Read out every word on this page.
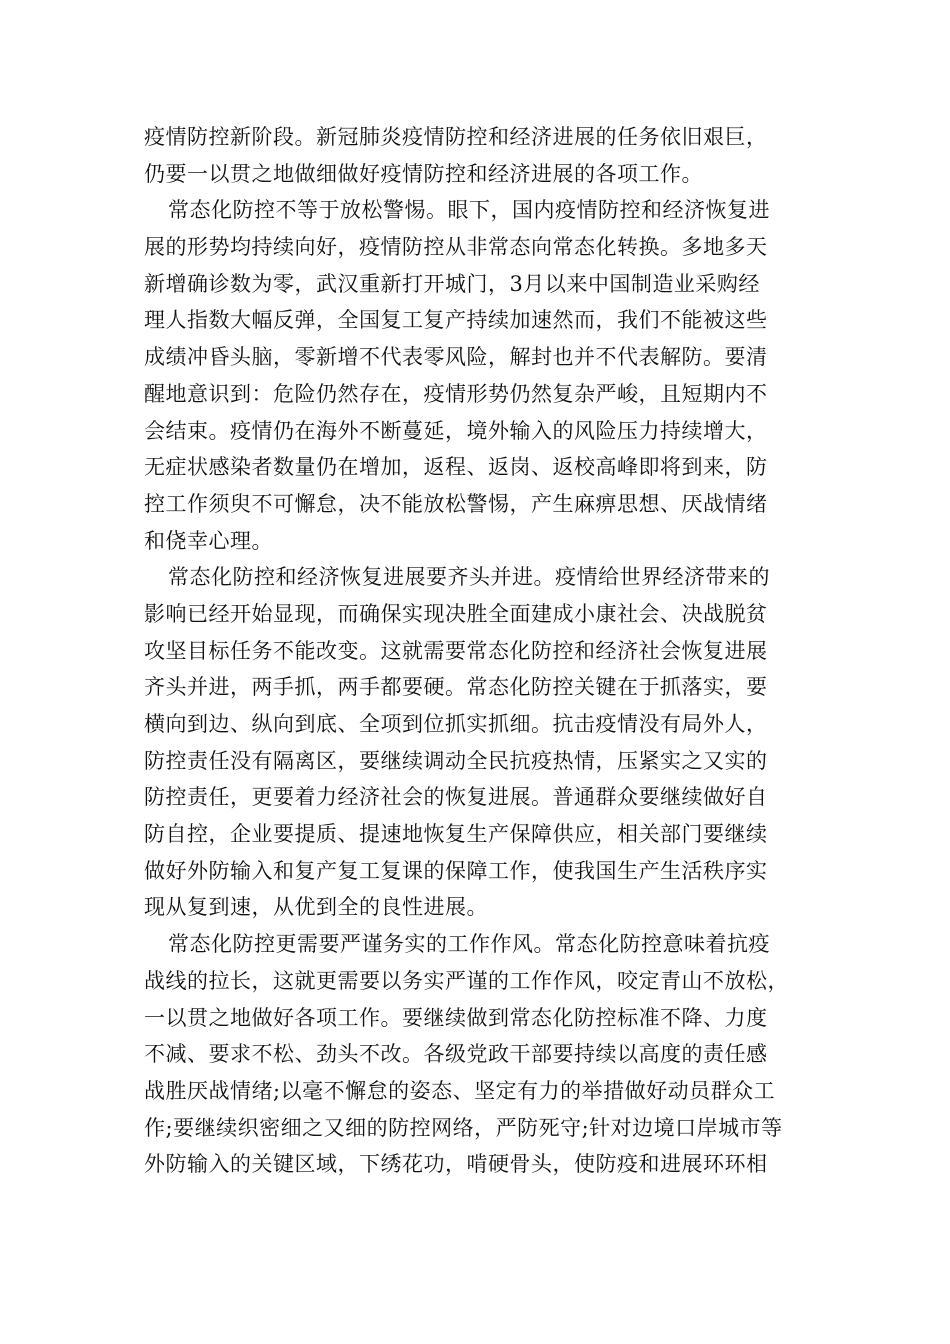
疫情防控新阶段。新冠肺炎疫情防控和经济进展的任务依旧艰巨，
仍要一以贯之地做细做好疫情防控和经济进展的各项工作。
常态化防控不等于放松警惕。眼下，国内疫情防控和经济恢复进
展的形势均持续向好，疫情防控从非常态向常态化转换。多地多天
新增确诊数为零，武汉重新打开城门，3月以来中国制造业采购经
理人指数大幅反弹，全国复工复产持续加速然而，我们不能被这些
成绩冲昏头脑，零新增不代表零风险，解封也并不代表解防。要清
醒地意识到：危险仍然存在，疫情形势仍然复杂严峻，且短期内不
会结束。疫情仍在海外不断蔓延，境外输入的风险压力持续增大，
无症状感染者数量仍在增加，返程、返岗、返校高峰即将到来，防
控工作须臾不可懈怠，决不能放松警惕，产生麻痹思想、厌战情绪
和侥幸心理。
常态化防控和经济恢复进展要齐头并进。疫情给世界经济带来的
影响已经开始显现，而确保实现决胜全面建成小康社会、决战脱贫
攻坚目标任务不能改变。这就需要常态化防控和经济社会恢复进展
齐头并进，两手抓，两手都要硬。常态化防控关键在于抓落实，要
横向到边、纵向到底、全项到位抓实抓细。抗击疫情没有局外人，
防控责任没有隔离区，要继续调动全民抗疫热情，压紧实之又实的
防控责任，更要着力经济社会的恢复进展。普通群众要继续做好自
防自控，企业要提质、提速地恢复生产保障供应，相关部门要继续
做好外防输入和复产复工复课的保障工作，使我国生产生活秩序实
现从复到速，从优到全的良性进展。
常态化防控更需要严谨务实的工作作风。常态化防控意味着抗疫
战线的拉长，这就更需要以务实严谨的工作作风，咬定青山不放松，
一以贯之地做好各项工作。要继续做到常态化防控标准不降、力度
不减、要求不松、劲头不改。各级党政干部要持续以高度的责任感
战胜厌战情绪;以毫不懈怠的姿态、坚定有力的举措做好动员群众工
作;要继续织密细之又细的防控网络，严防死守;针对边境口岸城市等
外防输入的关键区域，下绣花功，啃硬骨头，使防疫和进展环环相
